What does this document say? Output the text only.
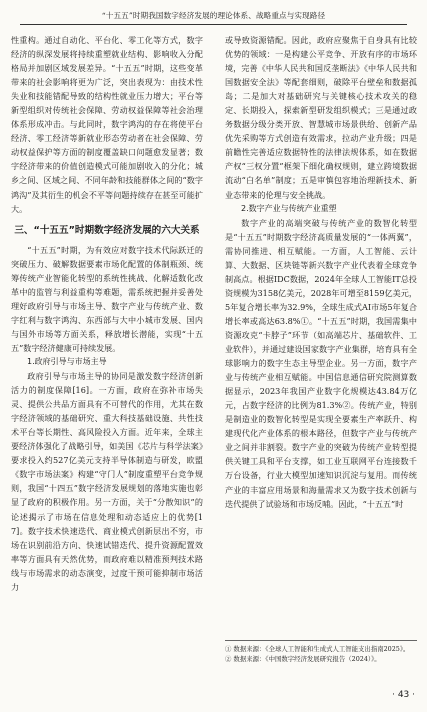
“十五五”时期我国数字经济发展的理论体系、战略重点与实现路径

性重构。通过自动化、平台化、零工化等方式，数字经济的纵深发展将持续重塑就业结构、影响收入分配格局并加剧区域发展差异。“十五五”时期，这些变革带来的社会影响将更为广泛，突出表现为：由技术性失业和技能错配导致的结构性就业压力增大；平台等新型组织对传统社会保障、劳动权益保障等社会治理体系形成冲击。与此同时，数字鸿沟的存在将使平台经济、零工经济等新就业形态劳动者在社会保障、劳动权益保护等方面的制度覆盖缺口问题愈发显著；数字经济带来的价值创造模式可能加剧收入的分化；城乡之间、区域之间、不同年龄和技能群体之间的“数字鸿沟”及其衍生的机会不平等问题持续存在甚至可能扩大。

三、“十五五”时期数字经济发展的六大关系

“十五五”时期，为有效应对数字技术代际跃迁的突破压力、破解数据要素市场化配置的体制瓶颈、统筹传统产业智能化转型的系统性挑战、化解适数化改革中的监管与利益重构等难题，需系统把握并妥善处理好政府引导与市场主导、数字产业与传统产业、数字红利与数字鸿沟、东西部与大中小城市发展、国内与国外市场等方面关系，释放增长潜能，实现“十五五”数字经济健康可持续发展。

1.政府引导与市场主导

政府引导与市场主导的协同是激发数字经济创新活力的制度保障[16]。一方面，政府在弥补市场失灵、提供公共品方面具有不可替代的作用，尤其在数字经济领域的基础研究、重大科技基础设施、共性技术平台等长期性、高风险投入方面。近年来，全球主要经济体强化了战略引导，如美国《芯片与科学法案》要求投入约527亿美元支持半导体制造与研发，欧盟《数字市场法案》构建“守门人”制度重塑平台竞争规则，我国“十四五”数字经济发展规划的落地实施也彰显了政府的积极作用。另一方面，关于“分散知识”的论述揭示了市场在信息处理和动态适应上的优势[17]。数字技术快速迭代、商业模式创新层出不穷，市场在识别前沿方向、快速试错迭代、提升资源配置效率等方面具有天然优势，而政府难以精准预判技术路线与市场需求的动态演变，过度干预可能抑制市场活力

或导致资源错配。因此，政府应聚焦于自身具有比较优势的领域：一是构建公平竞争、开放有序的市场环境，完善《中华人民共和国反垄断法》《中华人民共和国数据安全法》等配套细则，破除平台壁垒和数据孤岛；二是加大对基础研究与关键核心技术攻关的稳定、长期投入，探索新型研发组织模式；三是通过政务数据分级分类开放、智慧城市场景供给、创新产品优先采购等方式创造有效需求，拉动产业升级；四是前瞻性完善适应数据特性的法律法规体系，如在数据产权“三权分置”框架下细化确权规则，建立跨境数据流动“白名单”制度；五是审慎包容地治理新技术、新业态带来的伦理与安全挑战。

2.数字产业与传统产业重塑

数字产业的高端突破与传统产业的数智化转型是“十五五”时期数字经济高质量发展的“一体两翼”，需协同推进、相互赋能。一方面，人工智能、云计算、大数据、区块链等新兴数字产业代表着全球竞争制高点。根据IDC数据，2024年全球人工智能IT总投资规模为3158亿美元，2028年可增至8159亿美元，5年复合增长率为32.9%，全球生成式AI市场5年复合增长率或高达63.8%①。“十五五”时期，我国需集中资源攻克“卡脖子”环节（如高端芯片、基础软件、工业软件），并通过建设国家数字产业集群，培育具有全球影响力的数字生态主导型企业。另一方面，数字产业与传统产业相互赋能。中国信息通信研究院测算数据显示，2023年我国产业数字化规模达43.84万亿元，占数字经济的比例为81.3%②。传统产业，特别是制造业的数智化转型是实现全要素生产率跃升、构建现代化产业体系的根本路径，但数字产业与传统产业之间并非割裂。数字产业的突破为传统产业转型提供关键工具和平台支撑，如工业互联网平台连接数千万台设备，行业大模型加速知识沉淀与复用。而传统产业的丰富应用场景和海量需求又为数字技术创新与迭代提供了试验场和市场反哺。因此，“十五五”时

① 数据来源：《全球人工智能和生成式人工智能支出指南2025》。
② 数据来源：《中国数字经济发展研究报告（2024）》。
· 43 ·
